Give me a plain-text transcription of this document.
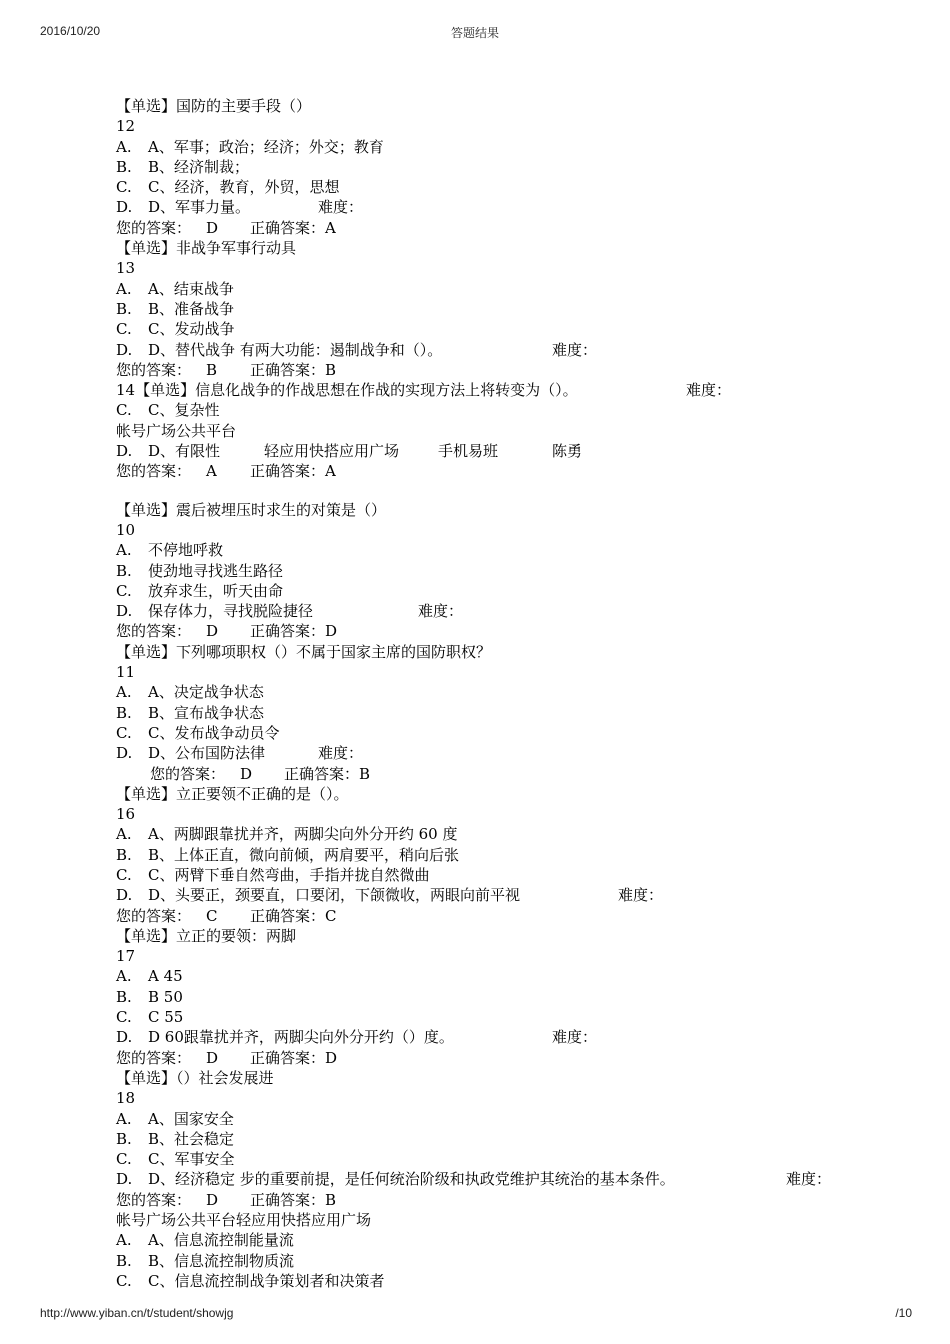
2016/10/20	答题结果
【单选】国防的主要手段（）
12
A. A、军事；政治；经济；外交；教育
B. B、经济制裁；
C. C、经济，教育，外贸，思想
D. D、军事力量。	难度：
您的答案： D 正确答案：A
【单选】非战争军事行动具
13
A. A、结束战争
B. B、准备战争
C. C、发动战争
D. D、替代战争 有两大功能：遏制战争和（）。	难度：
您的答案： B 正确答案：B
14【单选】信息化战争的作战思想在作战的实现方法上将转变为（）。	难度：
C. C、复杂性
帐号广场公共平台
D. D、有限性	轻应用快搭应用广场	手机易班	陈勇
您的答案： A 正确答案：A
【单选】震后被埋压时求生的对策是（）
10
A. 不停地呼救
B. 使劲地寻找逃生路径
C. 放弃求生，听天由命
D. 保存体力，寻找脱险捷径	难度：
您的答案： D 正确答案：D
【单选】下列哪项职权（）不属于国家主席的国防职权？
11
A. A、决定战争状态
B. B、宣布战争状态
C. C、发布战争动员令
D. D、公布国防法律	难度：
您的答案： D 正确答案：B
【单选】立正要领不正确的是（）。
16
A. A、两脚跟靠扰并齐，两脚尖向外分开约 60 度
B. B、上体正直，微向前倾，两肩要平，稍向后张
C. C、两臂下垂自然弯曲，手指并拢自然微曲
D. D、头要正，颈要直，口要闭，下颌微收，两眼向前平视	难度：
您的答案： C 正确答案：C
【单选】立正的要领：两脚
17
A. A 45
B. B 50
C. C 55
D. D 60跟靠扰并齐，两脚尖向外分开约（）度。	难度：
您的答案： D 正确答案：D
【单选】（）社会发展进
18
A. A、国家安全
B. B、社会稳定
C. C、军事安全
D. D、经济稳定 步的重要前提，是任何统治阶级和执政党维护其统治的基本条件。	难度：
您的答案： D 正确答案：B
帐号广场公共平台轻应用快搭应用广场
A. A、信息流控制能量流
B. B、信息流控制物质流
C. C、信息流控制战争策划者和决策者
http://www.yiban.cn/t/student/showjg	/10
